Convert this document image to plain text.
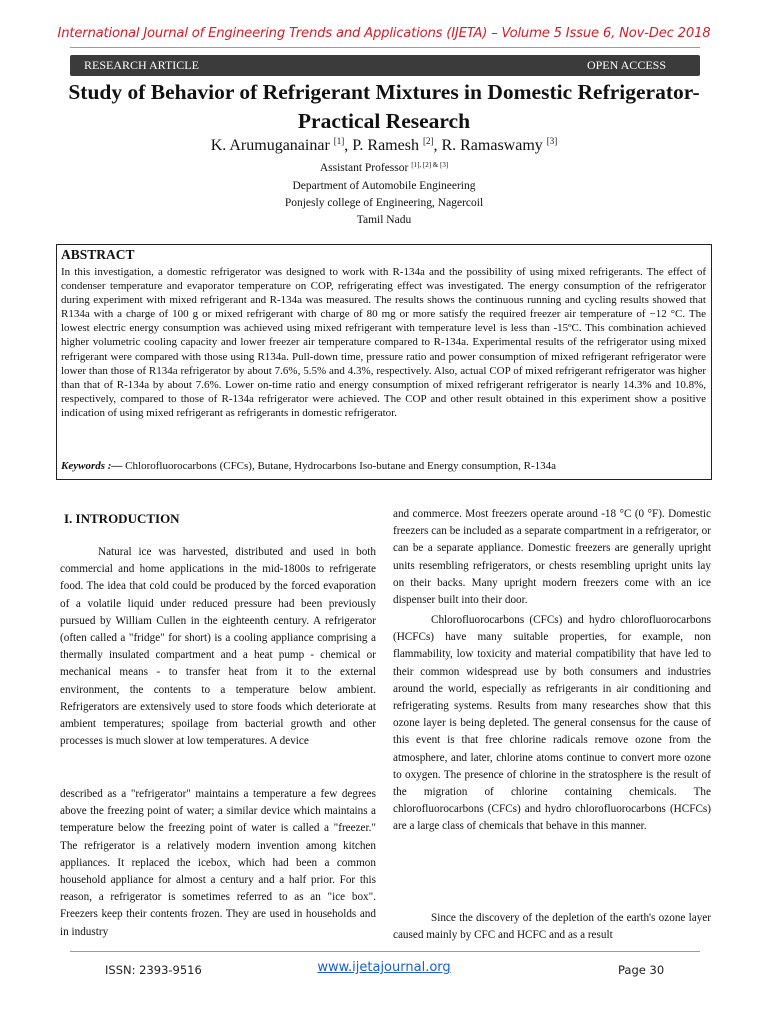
International Journal of Engineering Trends and Applications (IJETA) – Volume 5 Issue 6, Nov-Dec 2018
RESEARCH ARTICLE	OPEN ACCESS
Study of Behavior of Refrigerant Mixtures in Domestic Refrigerator- Practical Research
K. Arumuganainar [1], P. Ramesh [2], R. Ramaswamy [3]
Assistant Professor [1], [2] & [3]
Department of Automobile Engineering
Ponjesly college of Engineering, Nagercoil
Tamil Nadu
ABSTRACT
In this investigation, a domestic refrigerator was designed to work with R-134a and the possibility of using mixed refrigerants. The effect of condenser temperature and evaporator temperature on COP, refrigerating effect was investigated. The energy consumption of the refrigerator during experiment with mixed refrigerant and R-134a was measured. The results shows the continuous running and cycling results showed that R134a with a charge of 100 g or mixed refrigerant with charge of 80 mg or more satisfy the required freezer air temperature of −12 °C. The lowest electric energy consumption was achieved using mixed refrigerant with temperature level is less than -15ºC. This combination achieved higher volumetric cooling capacity and lower freezer air temperature compared to R-134a. Experimental results of the refrigerator using mixed refrigerant were compared with those using R134a. Pull-down time, pressure ratio and power consumption of mixed refrigerant refrigerator were lower than those of R134a refrigerator by about 7.6%, 5.5% and 4.3%, respectively. Also, actual COP of mixed refrigerant refrigerator was higher than that of R-134a by about 7.6%. Lower on-time ratio and energy consumption of mixed refrigerant refrigerator is nearly 14.3% and 10.8%, respectively, compared to those of R-134a refrigerator were achieved. The COP and other result obtained in this experiment show a positive indication of using mixed refrigerant as refrigerants in domestic refrigerator.
Keywords :— Chlorofluorocarbons (CFCs), Butane, Hydrocarbons Iso-butane and Energy consumption, R-134a
I. INTRODUCTION

Natural ice was harvested, distributed and used in both commercial and home applications in the mid-1800s to refrigerate food. The idea that cold could be produced by the forced evaporation of a volatile liquid under reduced pressure had been previously pursued by William Cullen in the eighteenth century. A refrigerator (often called a "fridge" for short) is a cooling appliance comprising a thermally insulated compartment and a heat pump - chemical or mechanical means - to transfer heat from it to the external environment, the contents to a temperature below ambient. Refrigerators are extensively used to store foods which deteriorate at ambient temperatures; spoilage from bacterial growth and other processes is much slower at low temperatures. A device

described as a "refrigerator" maintains a temperature a few degrees above the freezing point of water; a similar device which maintains a temperature below the freezing point of water is called a "freezer." The refrigerator is a relatively modern invention among kitchen appliances. It replaced the icebox, which had been a common household appliance for almost a century and a half prior. For this reason, a refrigerator is sometimes referred to as an "ice box". Freezers keep their contents frozen. They are used in households and in industry

and commerce. Most freezers operate around -18 °C (0 °F). Domestic freezers can be included as a separate compartment in a refrigerator, or can be a separate appliance. Domestic freezers are generally upright units resembling refrigerators, or chests resembling upright units lay on their backs. Many upright modern freezers come with an ice dispenser built into their door.

Chlorofluorocarbons (CFCs) and hydro chlorofluorocarbons (HCFCs) have many suitable properties, for example, non flammability, low toxicity and material compatibility that have led to their common widespread use by both consumers and industries around the world, especially as refrigerants in air conditioning and refrigerating systems. Results from many researches show that this ozone layer is being depleted. The general consensus for the cause of this event is that free chlorine radicals remove ozone from the atmosphere, and later, chlorine atoms continue to convert more ozone to oxygen. The presence of chlorine in the stratosphere is the result of the migration of chlorine containing chemicals. The chlorofluorocarbons (CFCs) and hydro chlorofluorocarbons (HCFCs) are a large class of chemicals that behave in this manner.

Since the discovery of the depletion of the earth's ozone layer caused mainly by CFC and HCFC and as a result

ISSN: 2393-9516	www.ijetajournal.org	Page 30
